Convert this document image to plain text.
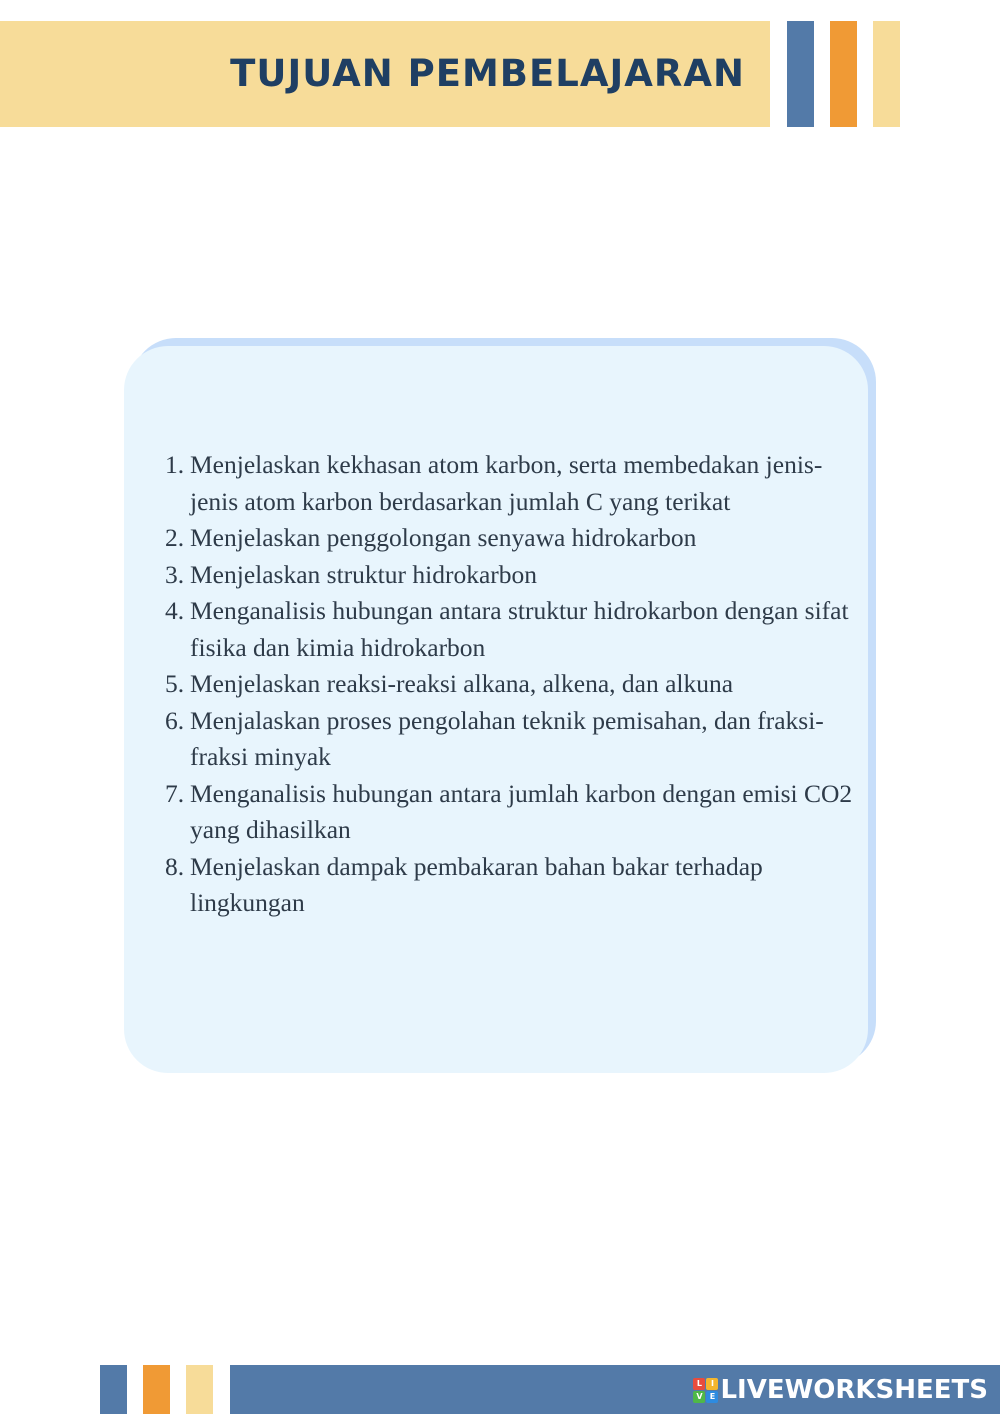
TUJUAN PEMBELAJARAN
1. Menjelaskan kekhasan atom karbon, serta membedakan jenis-jenis atom karbon berdasarkan jumlah C yang terikat
2. Menjelaskan penggolongan senyawa hidrokarbon
3. Menjelaskan struktur hidrokarbon
4. Menganalisis hubungan antara struktur hidrokarbon dengan sifat fisika dan kimia hidrokarbon
5. Menjelaskan reaksi-reaksi alkana, alkena, dan alkuna
6. Menjalaskan proses pengolahan teknik pemisahan, dan fraksi-fraksi minyak
7. Menganalisis hubungan antara jumlah karbon dengan emisi CO2 yang dihasilkan
8. Menjelaskan dampak pembakaran bahan bakar terhadap lingkungan
L	I
V E LIVEWORKSHEETS
